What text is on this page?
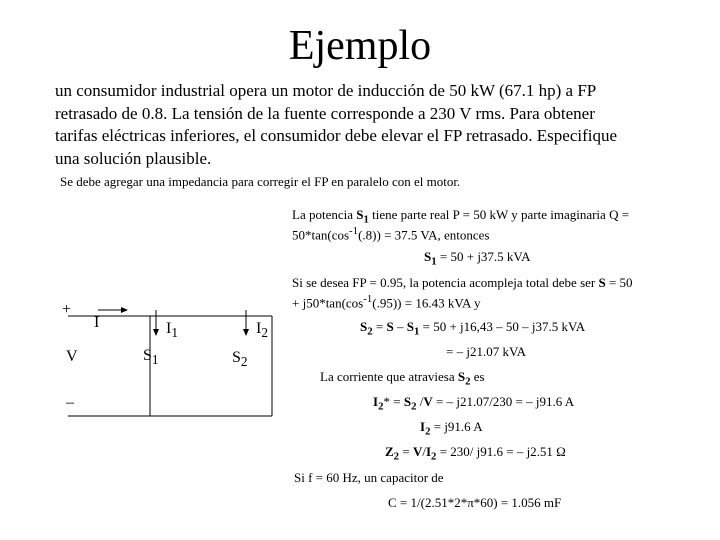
Ejemplo
un consumidor industrial opera un motor de inducción de 50 kW (67.1 hp) a FP
retrasado de 0.8. La tensión de la fuente corresponde a 230 V rms. Para obtener
tarifas eléctricas inferiores, el consumidor debe elevar el FP retrasado. Especifique
una solución plausible.
Se debe agregar una impedancia para corregir el FP en paralelo con el motor.
La potencia $S_1$ tiene parte real P = 50 kW y parte imaginaria Q =
$50*\tan(\cos^{-1}(.8)) = 37.5$ VA, entonces
$S_1 = 50 + j37.5$ kVA
Si se desea FP = 0.95, la potencia acompleja total debe ser S = 50
+ $j50*\tan(\cos^{-1}(.95)) = 16.43$ kVA y
$S_2 = S - S_1 = 50 + j16,43 - 50 - j37.5$ kVA
= – j21.07 kVA
La corriente que atraviesa $S_2$ es
$I_2* = S_2$ /V = – j21.07/230 = – j91.6 A
$I_2 = j91.6$ A
$Z_2 = V/I_2 = 230/$ j91.6 = – j2.51 Ω
Si f = 60 Hz, un capacitor de
C = 1/(2.51*2*π*60) = 1.056 mF
+
V
–
I	$I_1$	$I_2$
$S_1$	$S_2$
